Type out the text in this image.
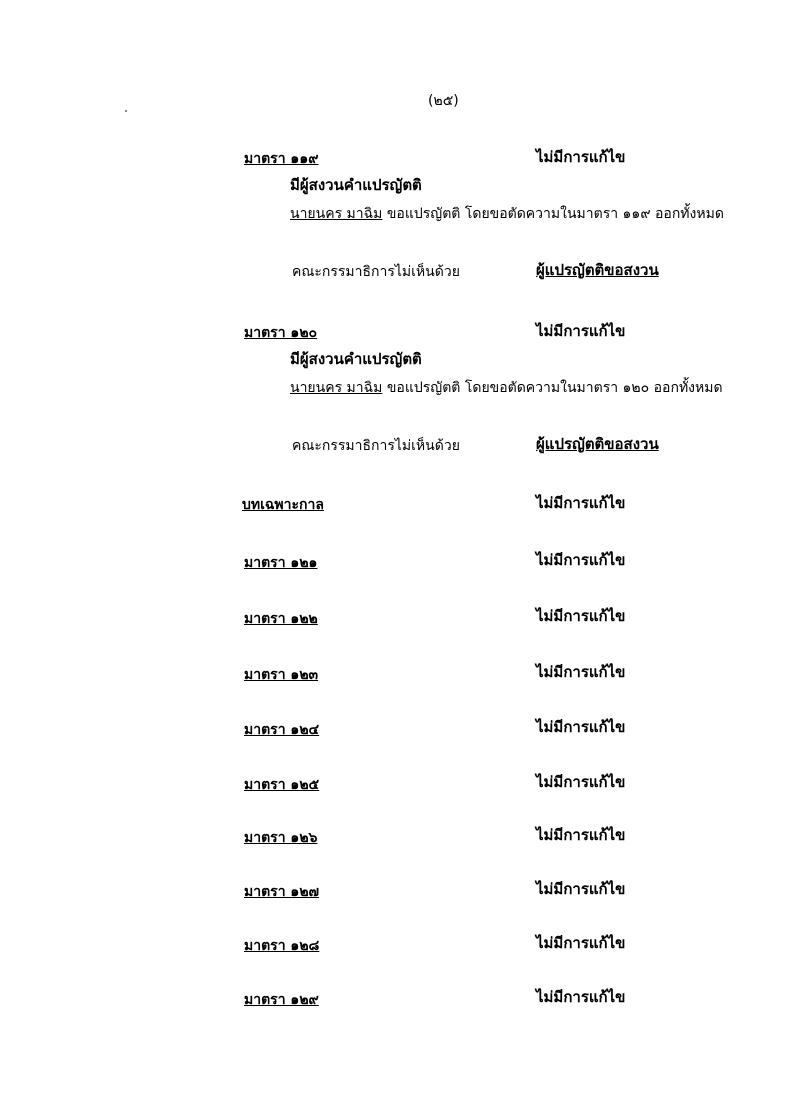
(๒๕)
มาตรา ๑๑๙	ไม่มีการแก้ไข
มีผู้สงวนคำแปรญัตติ
นายนคร มาฉิม ขอแปรญัตติ โดยขอตัดความในมาตรา ๑๑๙ ออกทั้งหมด
คณะกรรมาธิการไม่เห็นด้วย	ผู้แปรญัตติขอสงวน
มาตรา ๑๒๐	ไม่มีการแก้ไข
มีผู้สงวนคำแปรญัตติ
นายนคร มาฉิม ขอแปรญัตติ โดยขอตัดความในมาตรา ๑๒๐ ออกทั้งหมด
คณะกรรมาธิการไม่เห็นด้วย	ผู้แปรญัตติขอสงวน
บทเฉพาะกาล	ไม่มีการแก้ไข
มาตรา ๑๒๑	ไม่มีการแก้ไข
มาตรา ๑๒๒	ไม่มีการแก้ไข
มาตรา ๑๒๓	ไม่มีการแก้ไข
มาตรา ๑๒๔	ไม่มีการแก้ไข
มาตรา ๑๒๕	ไม่มีการแก้ไข
มาตรา ๑๒๖	ไม่มีการแก้ไข
มาตรา ๑๒๗	ไม่มีการแก้ไข
มาตรา ๑๒๘	ไม่มีการแก้ไข
มาตรา ๑๒๙	ไม่มีการแก้ไข
